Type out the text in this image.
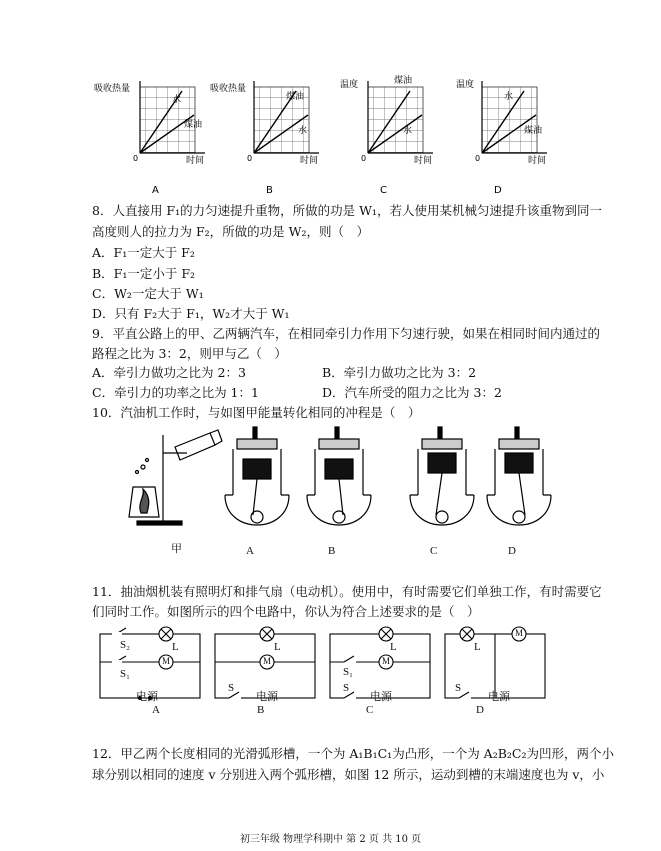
吸收热量
水
煤油
0	时间
A
吸收热量
煤油
水
0	时间
B
温度	煤油
水
0	时间
C
温度
水
煤油
0	时间
D
8．人直接用 F₁的力匀速提升重物，所做的功是 W₁，若人使用某机械匀速提升该重物到同一
高度则人的拉力为 F₂，所做的功是 W₂，则（　）
A．F₁一定大于 F₂
B．F₁一定小于 F₂
C．W₂一定大于 W₁
D．只有 F₂大于 F₁，W₂才大于 W₁
9．平直公路上的甲、乙两辆汽车，在相同牵引力作用下匀速行驶，如果在相同时间内通过的
路程之比为 3：2，则甲与乙（　）
A．牵引力做功之比为 2：3	B．牵引力做功之比为 3：2
C．牵引力的功率之比为 1：1	D．汽车所受的阻力之比为 3：2
10．汽油机工作时，与如图甲能量转化相同的冲程是（　）
甲	A	B	C	D
11．抽油烟机装有照明灯和排气扇（电动机）。使用中，有时需要它们单独工作，有时需要它
们同时工作。如图所示的四个电路中，你认为符合上述要求的是（　）
S₂
S₁
L
M
电源
A
L
M
S
电源
B
L
M
S₁
S
电源
C
L
M
S
电源
D
12．甲乙两个长度相同的光滑弧形槽，一个为 A₁B₁C₁为凸形，一个为 A₂B₂C₂为凹形，两个小
球分别以相同的速度 v 分别进入两个弧形槽，如图 12 所示，运动到槽的末端速度也为 v，小
初三年级 物理学科期中 第 2 页 共 10 页
